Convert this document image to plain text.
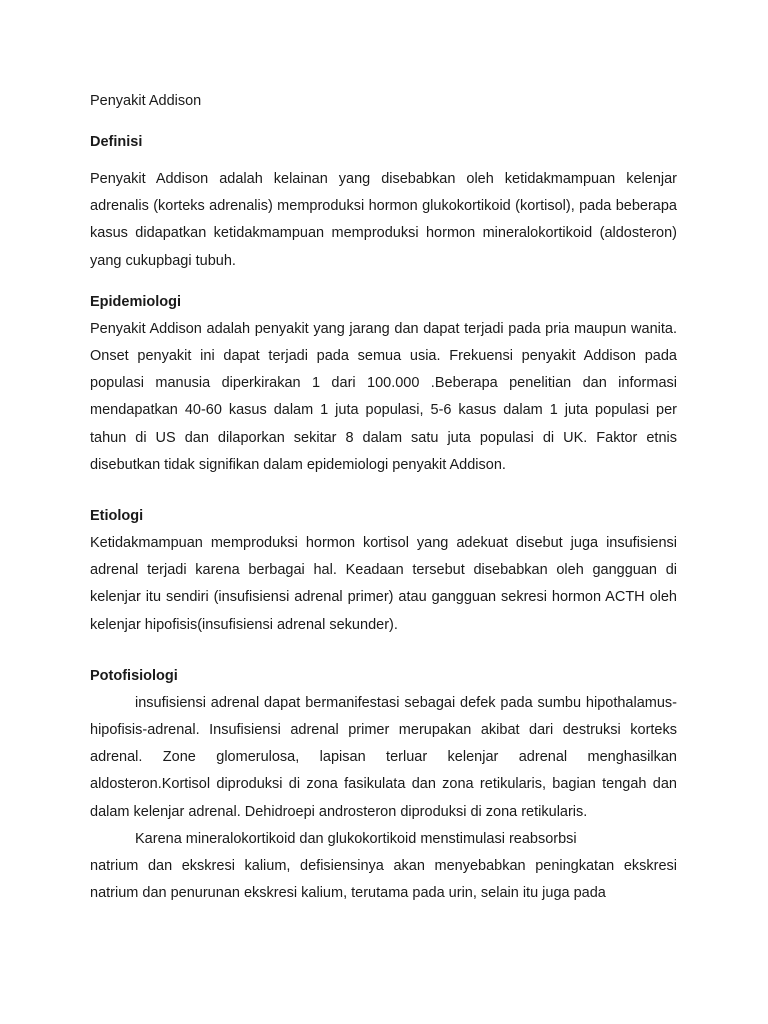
Penyakit Addison
Definisi

Penyakit Addison adalah kelainan yang disebabkan oleh ketidakmampuan kelenjar adrenalis (korteks adrenalis) memproduksi hormon glukokortikoid (kortisol), pada beberapa kasus didapatkan ketidakmampuan memproduksi hormon mineralokortikoid (aldosteron) yang cukupbagi tubuh.

Epidemiologi

Penyakit Addison adalah penyakit yang jarang dan dapat terjadi pada pria maupun wanita. Onset penyakit ini dapat terjadi pada semua usia. Frekuensi penyakit Addison pada populasi manusia diperkirakan 1 dari 100.000 .Beberapa penelitian dan informasi mendapatkan 40-60 kasus dalam 1 juta populasi, 5-6 kasus dalam 1 juta populasi per tahun di US dan dilaporkan sekitar 8 dalam satu juta populasi di UK. Faktor etnis disebutkan tidak signifikan dalam epidemiologi penyakit Addison.

Etiologi

Ketidakmampuan memproduksi hormon kortisol yang adekuat disebut juga insufisiensi adrenal terjadi karena berbagai hal. Keadaan tersebut disebabkan oleh gangguan di kelenjar itu sendiri (insufisiensi adrenal primer) atau gangguan sekresi hormon ACTH oleh kelenjar hipofisis(insufisiensi adrenal sekunder).

Potofisiologi

insufisiensi adrenal dapat bermanifestasi sebagai defek pada sumbu hipothalamus-hipofisis-adrenal. Insufisiensi adrenal primer merupakan akibat dari destruksi korteks adrenal. Zone glomerulosa, lapisan terluar kelenjar adrenal menghasilkan aldosteron.Kortisol diproduksi di zona fasikulata dan zona retikularis, bagian tengah dan dalam kelenjar adrenal. Dehidroepi androsteron diproduksi di zona retikularis.

Karena mineralokortikoid dan glukokortikoid menstimulasi reabsorbsi

natrium dan ekskresi kalium, defisiensinya akan menyebabkan peningkatan ekskresi natrium dan penurunan ekskresi kalium, terutama pada urin, selain itu juga pada
